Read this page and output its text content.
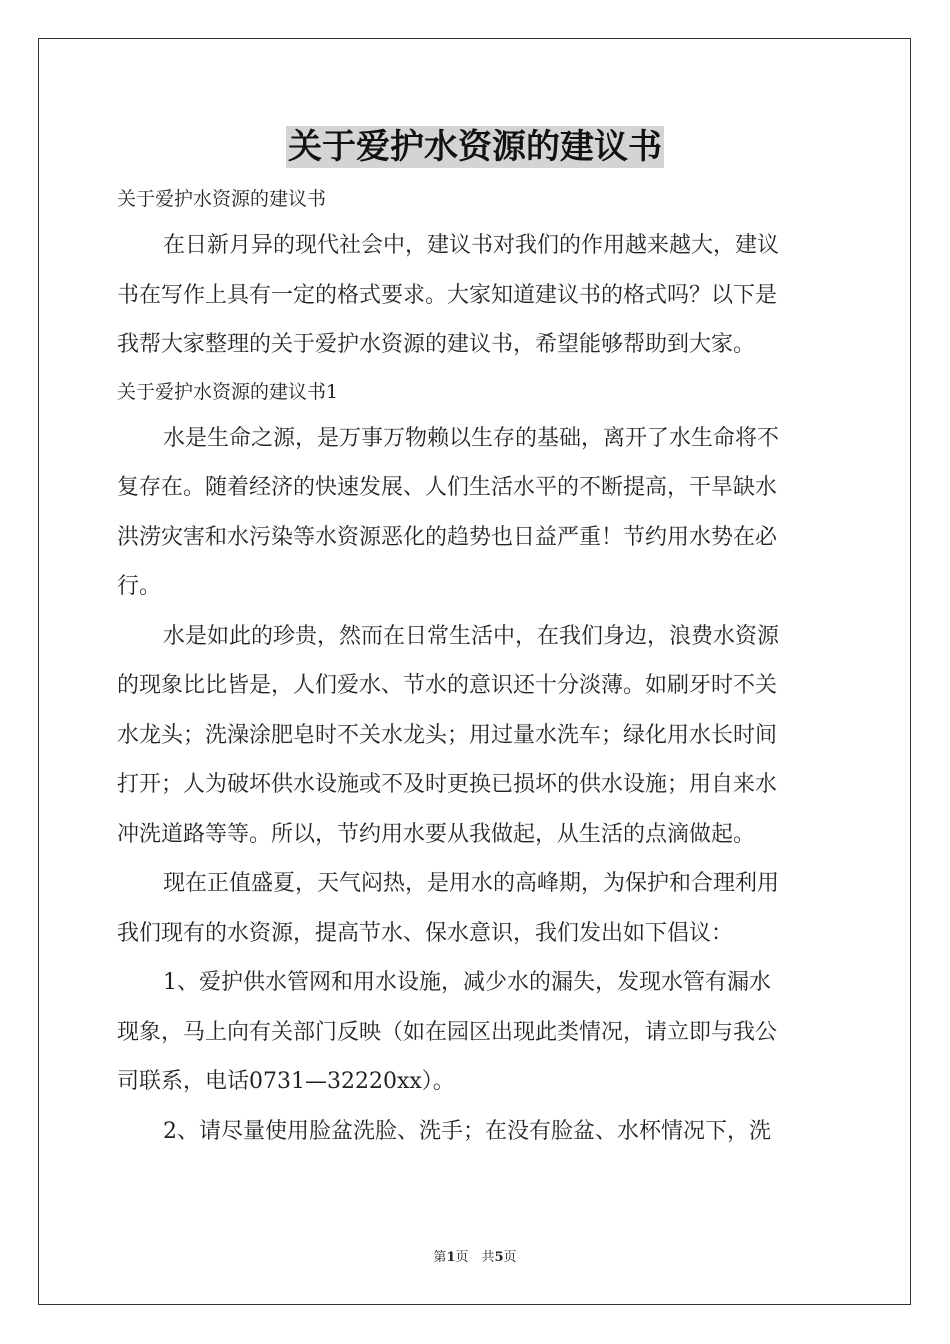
关于爱护水资源的建议书
关于爱护水资源的建议书
在日新月异的现代社会中，建议书对我们的作用越来越大，建议
书在写作上具有一定的格式要求。大家知道建议书的格式吗？以下是
我帮大家整理的关于爱护水资源的建议书，希望能够帮助到大家。
关于爱护水资源的建议书1
水是生命之源，是万事万物赖以生存的基础，离开了水生命将不
复存在。随着经济的快速发展、人们生活水平的不断提高，干旱缺水
洪涝灾害和水污染等水资源恶化的趋势也日益严重！节约用水势在必
行。
水是如此的珍贵，然而在日常生活中，在我们身边，浪费水资源
的现象比比皆是，人们爱水、节水的意识还十分淡薄。如刷牙时不关
水龙头；洗澡涂肥皂时不关水龙头；用过量水洗车；绿化用水长时间
打开；人为破坏供水设施或不及时更换已损坏的供水设施；用自来水
冲洗道路等等。所以，节约用水要从我做起，从生活的点滴做起。
现在正值盛夏，天气闷热，是用水的高峰期，为保护和合理利用
我们现有的水资源，提高节水、保水意识，我们发出如下倡议：
1、爱护供水管网和用水设施，减少水的漏失，发现水管有漏水
现象，马上向有关部门反映（如在园区出现此类情况，请立即与我公
司联系，电话0731—32220xx）。
2、请尽量使用脸盆洗脸、洗手；在没有脸盆、水杯情况下，洗
第1页　共5页
